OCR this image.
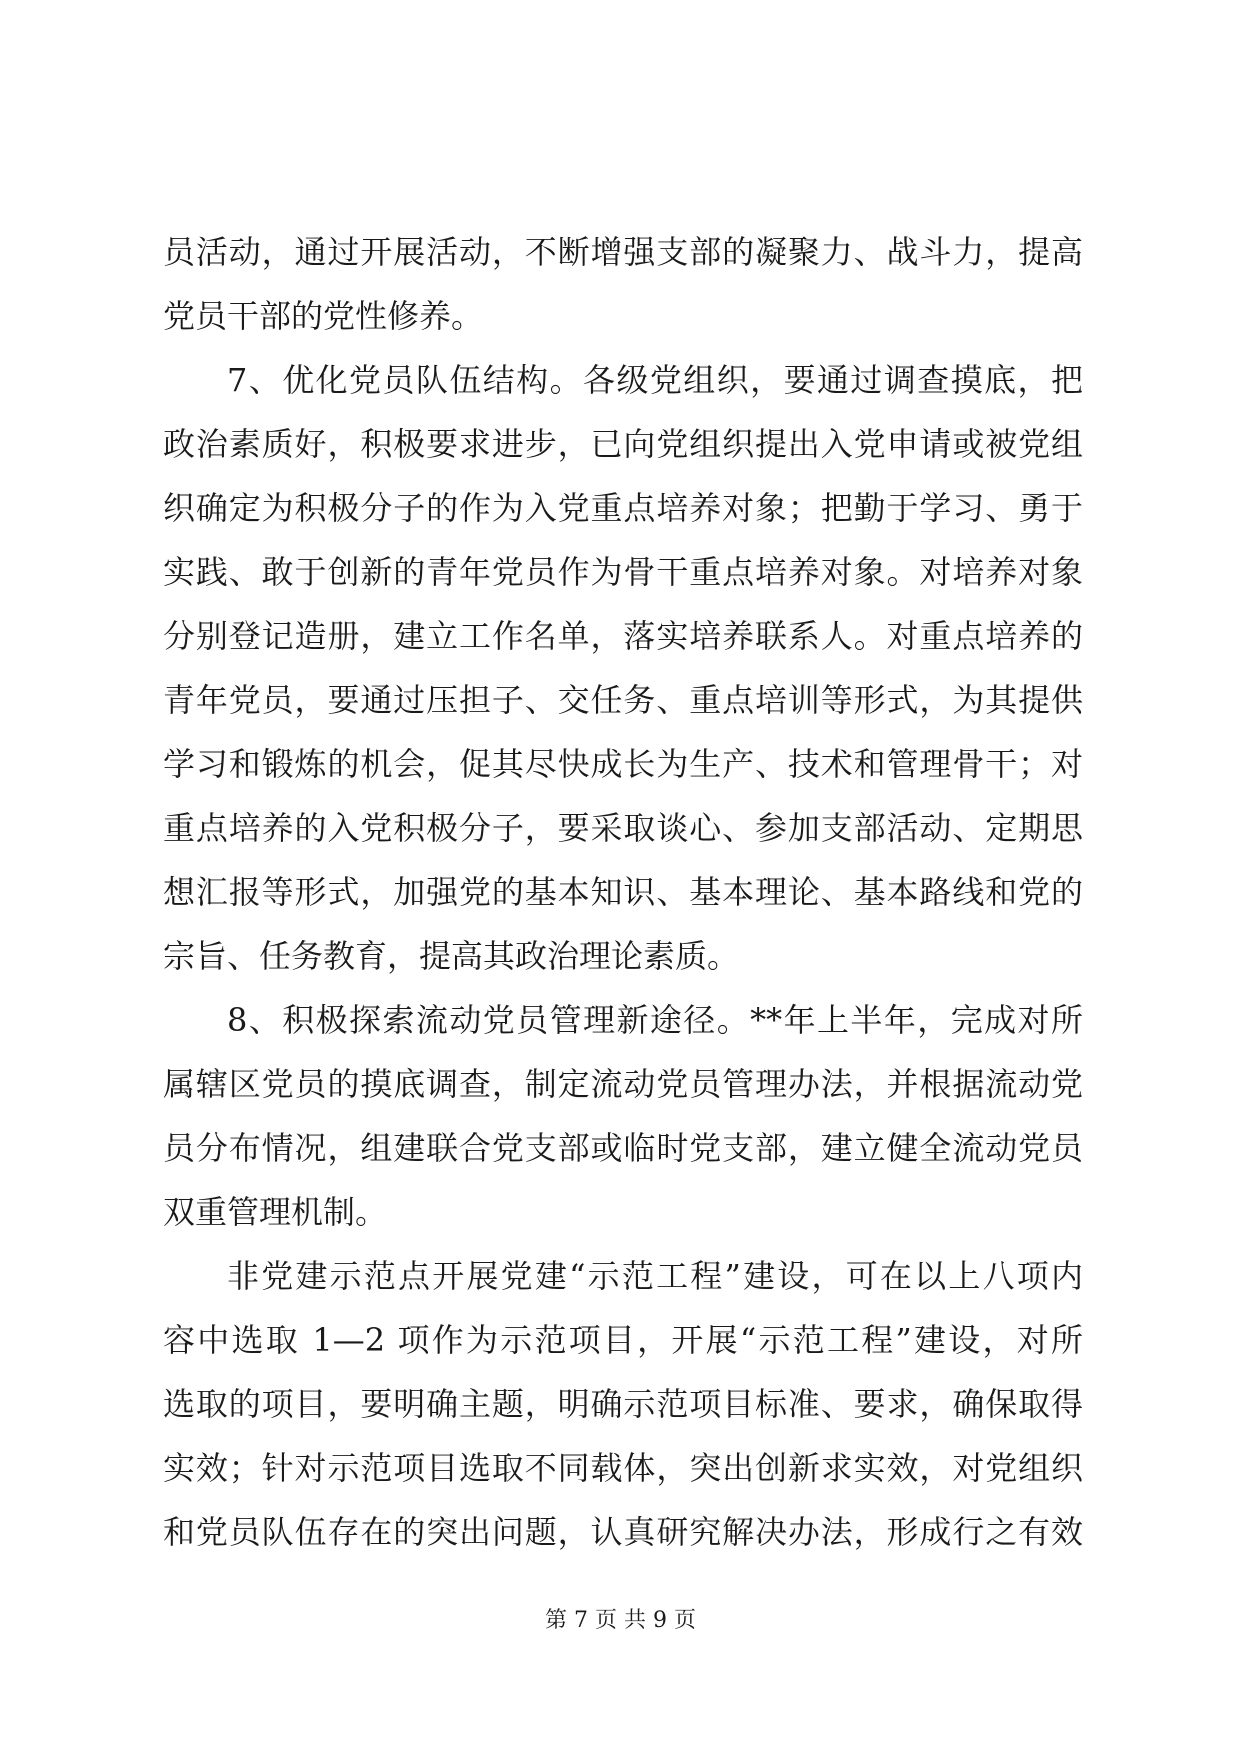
员活动，通过开展活动，不断增强支部的凝聚力、战斗力，提高
党员干部的党性修养。
7、优化党员队伍结构。各级党组织，要通过调查摸底，把
政治素质好，积极要求进步，已向党组织提出入党申请或被党组
织确定为积极分子的作为入党重点培养对象；把勤于学习、勇于
实践、敢于创新的青年党员作为骨干重点培养对象。对培养对象
分别登记造册，建立工作名单，落实培养联系人。对重点培养的
青年党员，要通过压担子、交任务、重点培训等形式，为其提供
学习和锻炼的机会，促其尽快成长为生产、技术和管理骨干；对
重点培养的入党积极分子，要采取谈心、参加支部活动、定期思
想汇报等形式，加强党的基本知识、基本理论、基本路线和党的
宗旨、任务教育，提高其政治理论素质。
8、积极探索流动党员管理新途径。**年上半年，完成对所
属辖区党员的摸底调查，制定流动党员管理办法，并根据流动党
员分布情况，组建联合党支部或临时党支部，建立健全流动党员
双重管理机制。
非党建示范点开展党建“示范工程”建设，可在以上八项内
容中选取 1—2 项作为示范项目，开展“示范工程”建设，对所
选取的项目，要明确主题，明确示范项目标准、要求，确保取得
实效；针对示范项目选取不同载体，突出创新求实效，对党组织
和党员队伍存在的突出问题，认真研究解决办法，形成行之有效
第 7 页 共 9 页
